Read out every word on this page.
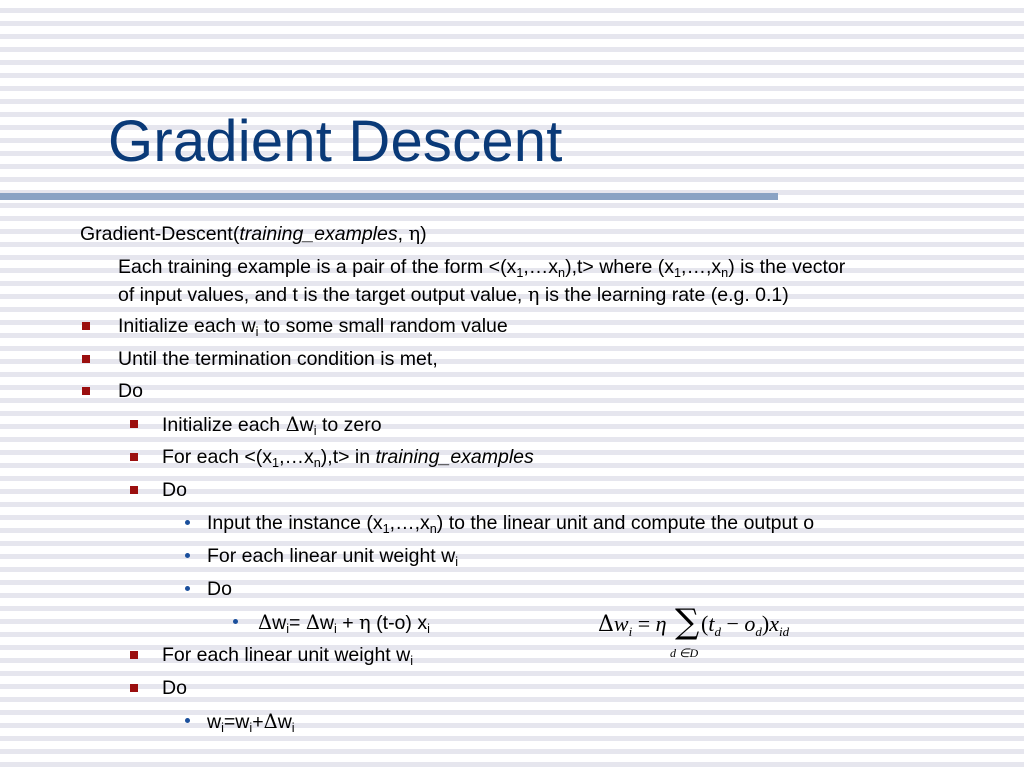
Gradient Descent
Gradient-Descent(training_examples, η)
Each training example is a pair of the form $<(x_1,\dots x_n),t>$ where $(x_1,\dots,x_n)$ is the vector
of input values, and t is the target output value, η is the learning rate (e.g. 0.1)
Initialize each $w_i$ to some small random value
Until the termination condition is met,
Do
Initialize each $\Delta w_i$ to zero
For each $<(x_1,\dots x_n),t>$ in training_examples
Do
Input the instance $(x_1,\dots,x_n)$ to the linear unit and compute the output o
For each linear unit weight $w_i$
Do
$\Delta w_i= \Delta w_i + \eta$ (t-o) $x_i$	$\Delta w_i = \eta$ ∑ $(t_d - o_d)x_{id}$
d ∈D
For each linear unit weight $w_i$
Do
$w_i=w_i+\Delta w_i$
